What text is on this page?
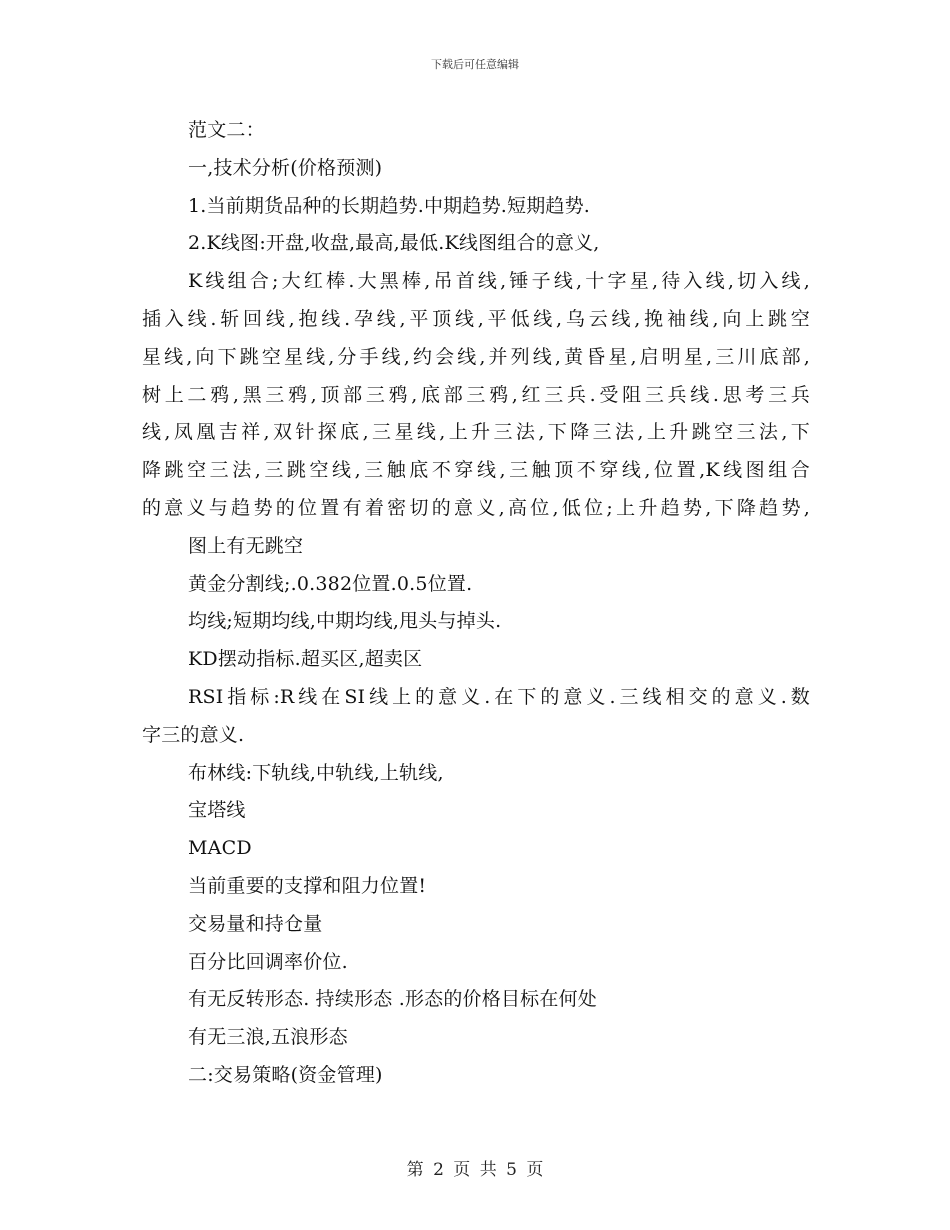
下载后可任意编辑
范文二：
一,技术分析(价格预测)
1.当前期货品种的长期趋势.中期趋势.短期趋势.
2.K线图:开盘,收盘,最高,最低.K线图组合的意义,
K线组合;大红棒.大黑棒,吊首线,锤子线,十字星,待入线,切入线,
插入线.斩回线,抱线.孕线,平顶线,平低线,乌云线,挽袖线,向上跳空
星线,向下跳空星线,分手线,约会线,并列线,黄昏星,启明星,三川底部,
树上二鸦,黑三鸦,顶部三鸦,底部三鸦,红三兵.受阻三兵线.思考三兵
线,凤凰吉祥,双针探底,三星线,上升三法,下降三法,上升跳空三法,下
降跳空三法,三跳空线,三触底不穿线,三触顶不穿线,位置,K线图组合
的意义与趋势的位置有着密切的意义,高位,低位;上升趋势,下降趋势,
图上有无跳空
黄金分割线;.0.382位置.0.5位置.
均线;短期均线,中期均线,甩头与掉头.
KD摆动指标.超买区,超卖区
RSI指标:R线在SI线上的意义.在下的意义.三线相交的意义.数
字三的意义.
布林线:下轨线,中轨线,上轨线,
宝塔线
MACD
当前重要的支撑和阻力位置!
交易量和持仓量
百分比回调率价位.
有无反转形态. 持续形态 .形态的价格目标在何处
有无三浪,五浪形态
二:交易策略(资金管理)
第 2 页 共 5 页
